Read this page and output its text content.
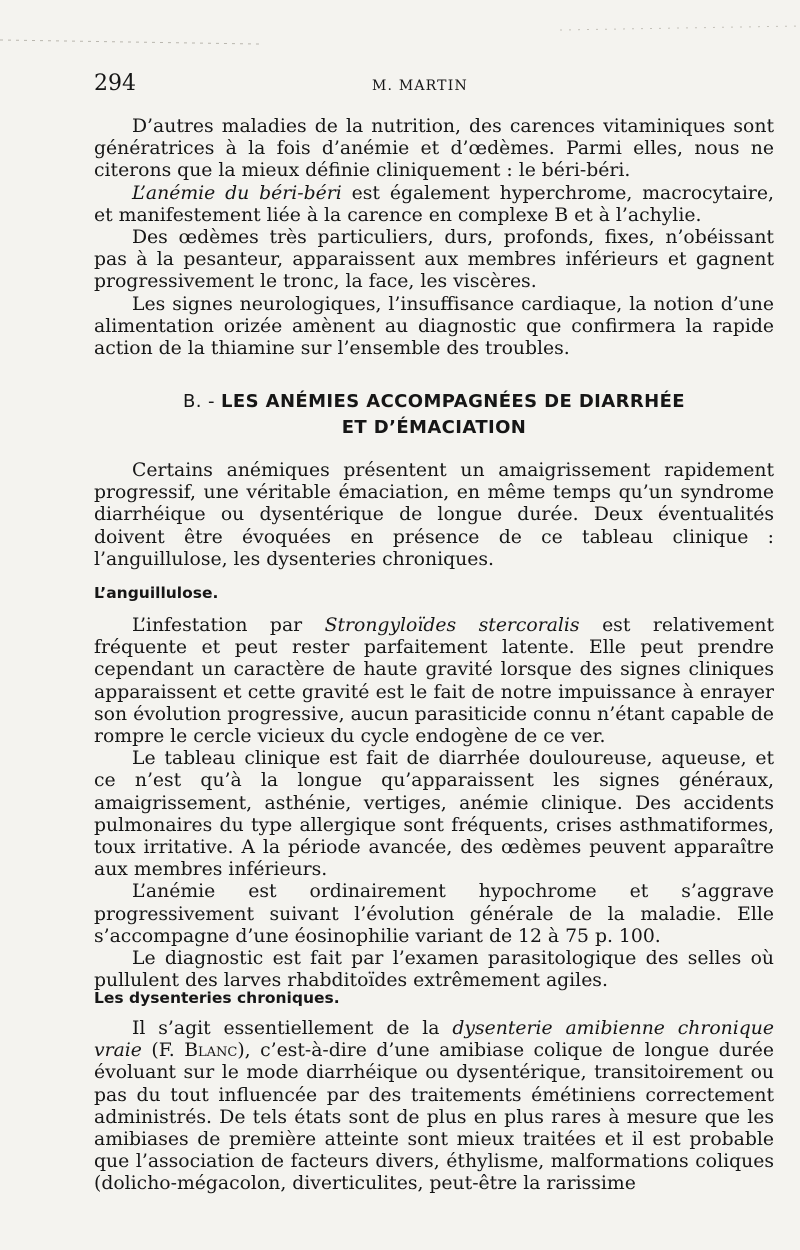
294	M. MARTIN

D’autres maladies de la nutrition, des carences vitaminiques sont génératrices à la fois d’anémie et d’œdèmes. Parmi elles, nous ne citerons que la mieux définie cliniquement : le béri-béri.

L’anémie du béri-béri est également hyperchrome, macrocytaire, et manifestement liée à la carence en complexe B et à l’achylie.

Des œdèmes très particuliers, durs, profonds, fixes, n’obéissant pas à la pesanteur, apparaissent aux membres inférieurs et gagnent progressivement le tronc, la face, les viscères.

Les signes neurologiques, l’insuffisance cardiaque, la notion d’une alimentation orizée amènent au diagnostic que confirmera la rapide action de la thiamine sur l’ensemble des troubles.

B. - LES ANÉMIES ACCOMPAGNÉES DE DIARRHÉE
ET D’ÉMACIATION

Certains anémiques présentent un amaigrissement rapidement progressif, une véritable émaciation, en même temps qu’un syndrome diarrhéique ou dysentérique de longue durée. Deux éventualités doivent être évoquées en présence de ce tableau clinique : l’anguillulose, les dysenteries chroniques.

L’anguillulose.

L’infestation par Strongyloïdes stercoralis est relativement fréquente et peut rester parfaitement latente. Elle peut prendre cependant un caractère de haute gravité lorsque des signes cliniques apparaissent et cette gravité est le fait de notre impuissance à enrayer son évolution progressive, aucun parasiticide connu n’étant capable de rompre le cercle vicieux du cycle endogène de ce ver.

Le tableau clinique est fait de diarrhée douloureuse, aqueuse, et ce n’est qu’à la longue qu’apparaissent les signes généraux, amaigrissement, asthénie, vertiges, anémie clinique. Des accidents pulmonaires du type allergique sont fréquents, crises asthmatiformes, toux irritative. A la période avancée, des œdèmes peuvent apparaître aux membres inférieurs.

L’anémie est ordinairement hypochrome et s’aggrave progressivement suivant l’évolution générale de la maladie. Elle s’accompagne d’une éosinophilie variant de 12 à 75 p. 100.

Le diagnostic est fait par l’examen parasitologique des selles où pullulent des larves rhabditoïdes extrêmement agiles.

Les dysenteries chroniques.

Il s’agit essentiellement de la dysenterie amibienne chronique vraie (F. Blanc), c’est-à-dire d’une amibiase colique de longue durée évoluant sur le mode diarrhéique ou dysentérique, transitoirement ou pas du tout influencée par des traitements émétiniens correctement administrés. De tels états sont de plus en plus rares à mesure que les amibiases de première atteinte sont mieux traitées et il est probable que l’association de facteurs divers, éthylisme, malformations coliques (dolicho-mégacolon, diverticulites, peut-être la rarissime
